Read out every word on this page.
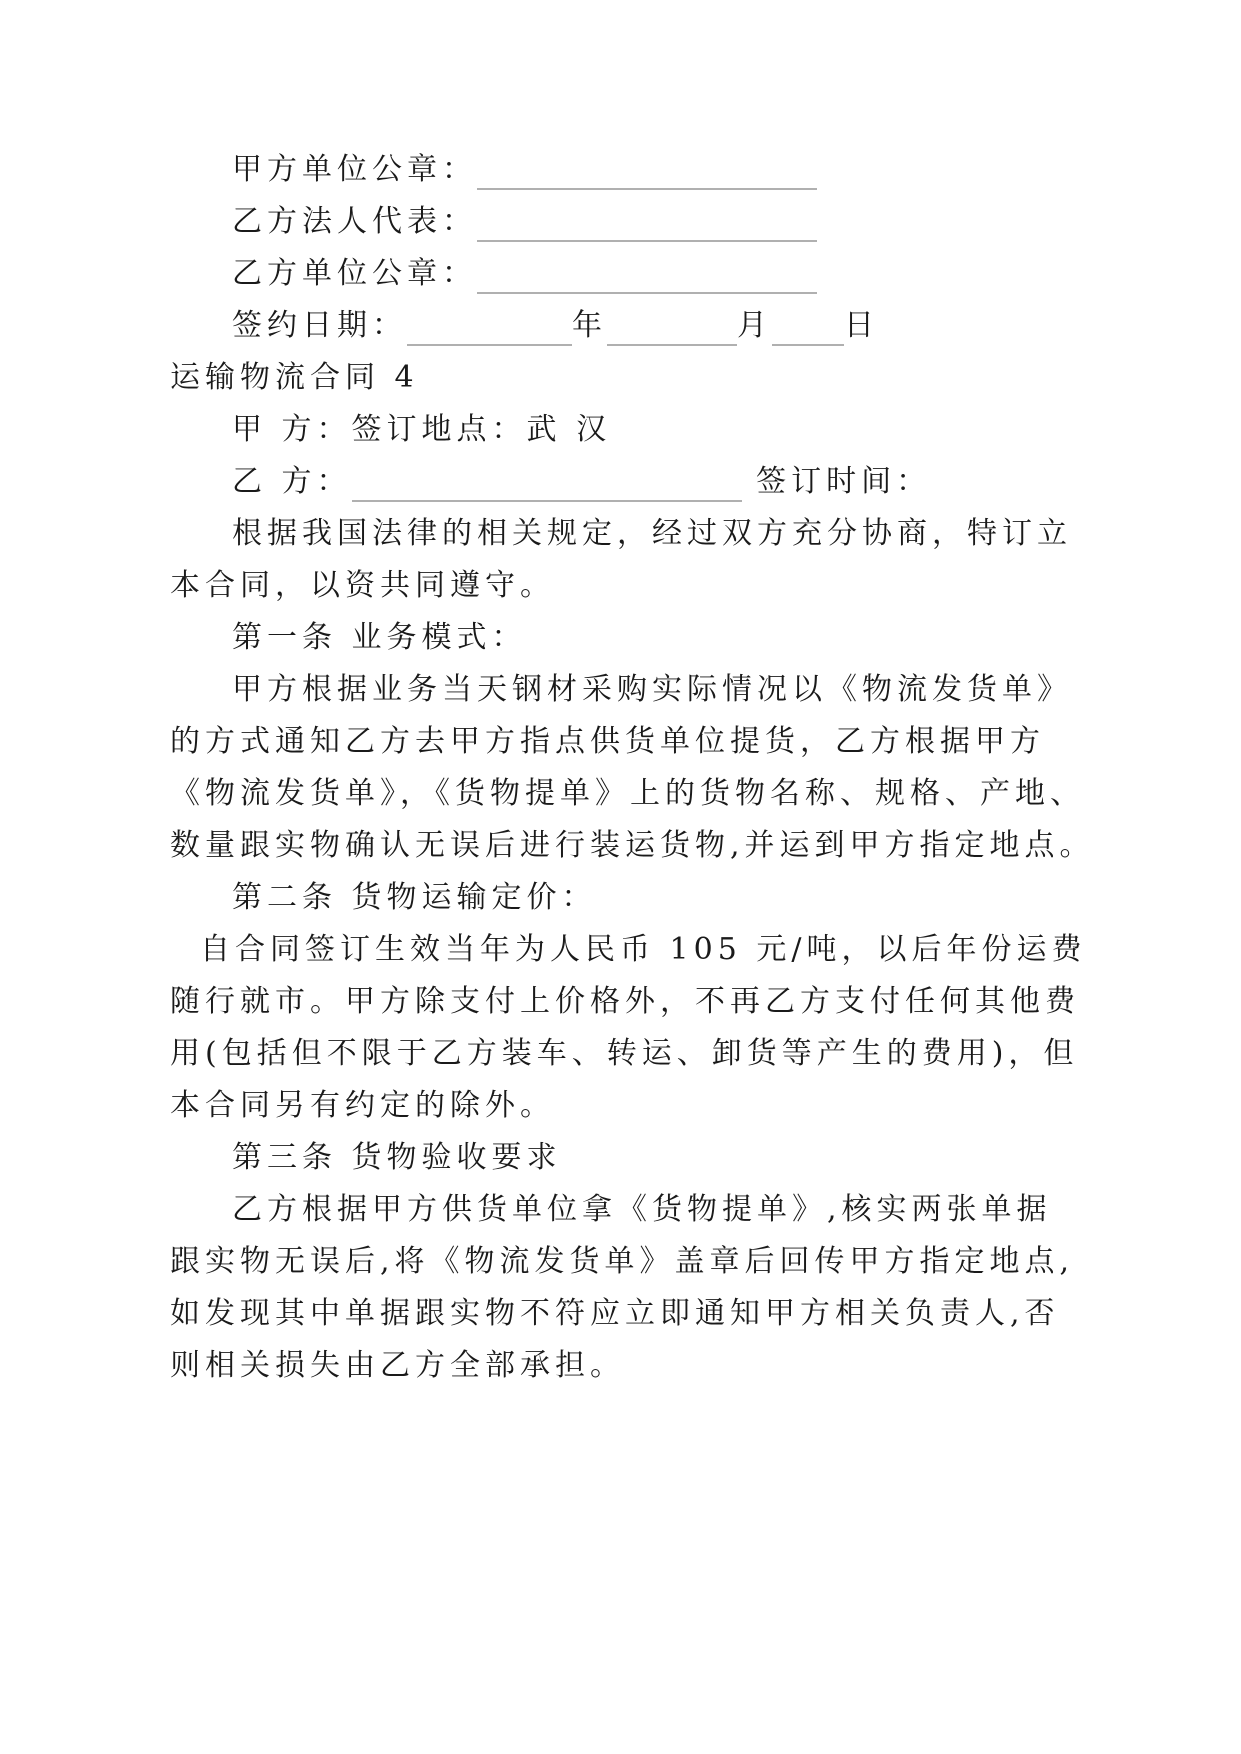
甲方单位公章：
乙方法人代表：
乙方单位公章：
签约日期：	年	月 日
运输物流合同 4
甲 方：签订地点：武 汉
乙 方：	签订时间：
根据我国法律的相关规定，经过双方充分协商，特订立
本合同，以资共同遵守。
第一条 业务模式：
甲方根据业务当天钢材采购实际情况以《物流发货单》
的方式通知乙方去甲方指点供货单位提货，乙方根据甲方
《物流发货单》，《货物提单》上的货物名称、规格、产地、
数量跟实物确认无误后进行装运货物,并运到甲方指定地点。
第二条 货物运输定价：
自合同签订生效当年为人民币 105 元/吨，以后年份运费
随行就市。甲方除支付上价格外，不再乙方支付任何其他费
用(包括但不限于乙方装车、转运、卸货等产生的费用)，但
本合同另有约定的除外。
第三条 货物验收要求
乙方根据甲方供货单位拿《货物提单》,核实两张单据
跟实物无误后,将《物流发货单》盖章后回传甲方指定地点,
如发现其中单据跟实物不符应立即通知甲方相关负责人,否
则相关损失由乙方全部承担。
